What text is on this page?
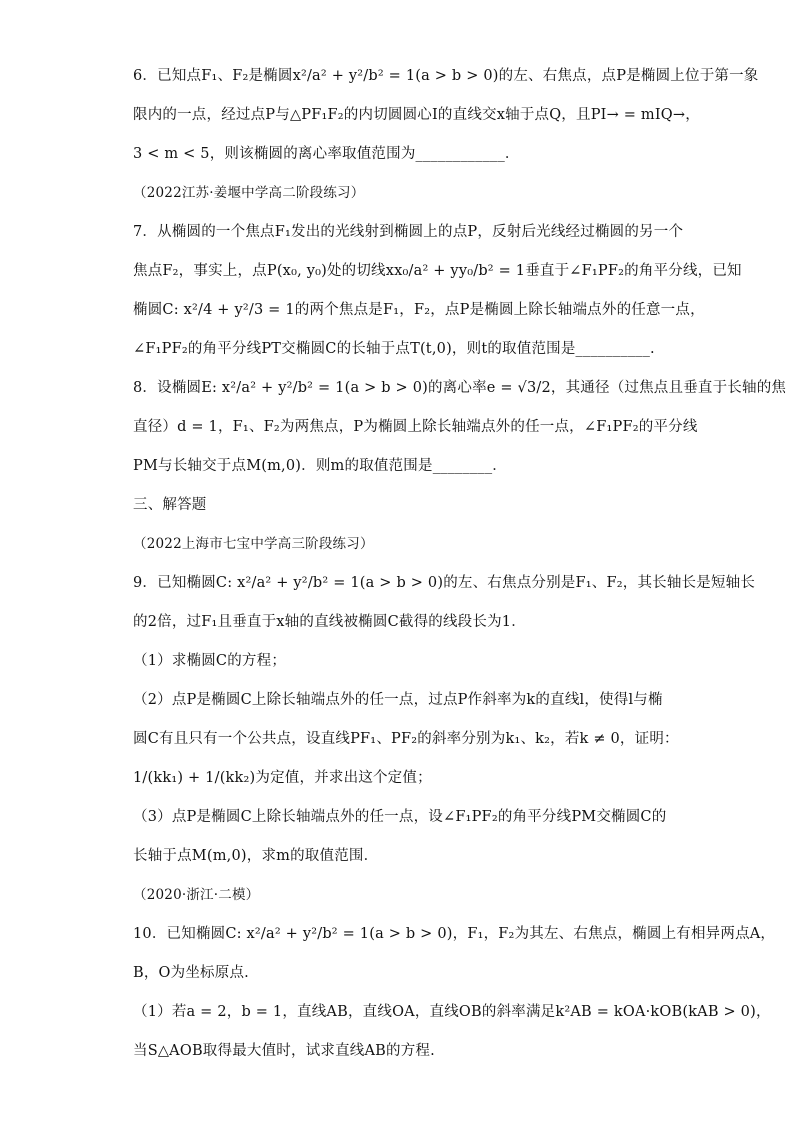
6．已知点F₁、F₂是椭圆x²/a² + y²/b² = 1(a > b > 0)的左、右焦点，点P是椭圆上位于第一象
限内的一点，经过点P与△PF₁F₂的内切圆圆心I的直线交x轴于点Q，且PI→ = mIQ→，
3 < m < 5，则该椭圆的离心率取值范围为____________．
（2022江苏·姜堰中学高二阶段练习）
7．从椭圆的一个焦点F₁发出的光线射到椭圆上的点P，反射后光线经过椭圆的另一个
焦点F₂，事实上，点P(x₀, y₀)处的切线xx₀/a² + yy₀/b² = 1垂直于∠F₁PF₂的角平分线，已知
椭圆C: x²/4 + y²/3 = 1的两个焦点是F₁，F₂，点P是椭圆上除长轴端点外的任意一点，
∠F₁PF₂的角平分线PT交椭圆C的长轴于点T(t,0)，则t的取值范围是__________.
8．设椭圆E: x²/a² + y²/b² = 1(a > b > 0)的离心率e = √3/2，其通径（过焦点且垂直于长轴的焦
直径）d = 1，F₁、F₂为两焦点，P为椭圆上除长轴端点外的任一点，∠F₁PF₂的平分线
PM与长轴交于点M(m,0)．则m的取值范围是________．
三、解答题
（2022上海市七宝中学高三阶段练习）
9．已知椭圆C: x²/a² + y²/b² = 1(a > b > 0)的左、右焦点分别是F₁、F₂，其长轴长是短轴长
的2倍，过F₁且垂直于x轴的直线被椭圆C截得的线段长为1．
（1）求椭圆C的方程；
（2）点P是椭圆C上除长轴端点外的任一点，过点P作斜率为k的直线l，使得l与椭
圆C有且只有一个公共点，设直线PF₁、PF₂的斜率分别为k₁、k₂，若k ≠ 0，证明：
1/(kk₁) + 1/(kk₂)为定值，并求出这个定值；
（3）点P是椭圆C上除长轴端点外的任一点，设∠F₁PF₂的角平分线PM交椭圆C的
长轴于点M(m,0)，求m的取值范围．
（2020·浙江·二模）
10．已知椭圆C: x²/a² + y²/b² = 1(a > b > 0)，F₁，F₂为其左、右焦点，椭圆上有相异两点A，
B，O为坐标原点.
（1）若a = 2，b = 1，直线AB，直线OA，直线OB的斜率满足k²AB = kOA·kOB(kAB > 0)，
当S△AOB取得最大值时，试求直线AB的方程.
